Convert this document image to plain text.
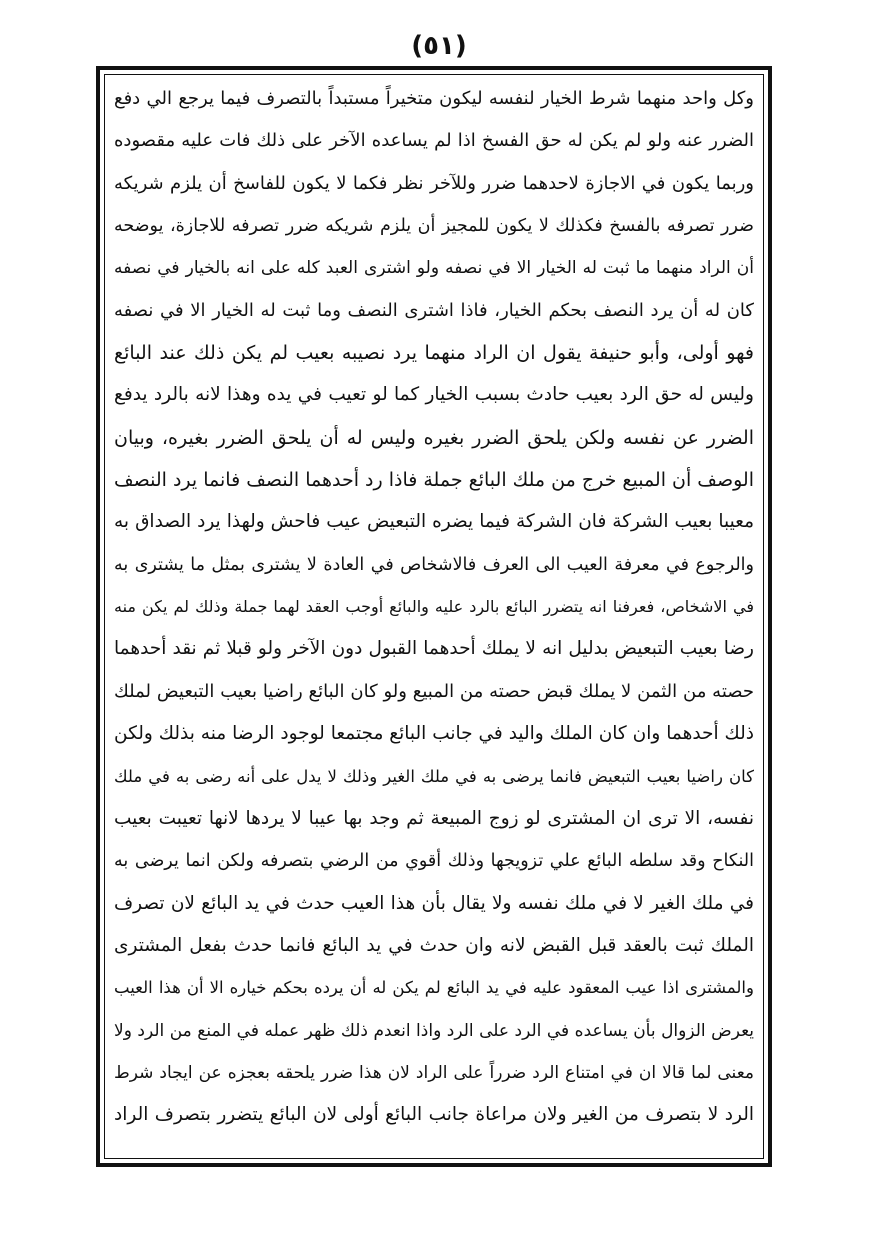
(٥١)
وكل واحد منهما شرط الخيار لنفسه ليكون متخيراً مستبداً بالتصرف فيما يرجع الي دفع
الضرر عنه ولو لم يكن له حق الفسخ اذا لم يساعده الآخر على ذلك فات عليه مقصوده
وربما يكون في الاجازة لاحدهما ضرر وللآخر نظر فكما لا يكون للفاسخ أن يلزم شريكه
ضرر تصرفه بالفسخ فكذلك لا يكون للمجيز أن يلزم شريكه ضرر تصرفه للاجازة، يوضحه
أن الراد منهما ما ثبت له الخيار الا في نصفه ولو اشترى العبد كله على انه بالخيار في نصفه
كان له أن يرد النصف بحكم الخيار، فاذا اشترى النصف وما ثبت له الخيار الا في نصفه
فهو أولى، وأبو حنيفة يقول ان الراد منهما يرد نصيبه بعيب لم يكن ذلك عند البائع
وليس له حق الرد بعيب حادث بسبب الخيار كما لو تعيب في يده وهذا لانه بالرد يدفع
الضرر عن نفسه ولكن يلحق الضرر بغيره وليس له أن يلحق الضرر بغيره، وبيان
الوصف أن المبيع خرج من ملك البائع جملة فاذا رد أحدهما النصف فانما يرد النصف
معيبا بعيب الشركة فان الشركة فيما يضره التبعيض عيب فاحش ولهذا يرد الصداق به
والرجوع في معرفة العيب الى العرف فالاشخاص في العادة لا يشترى بمثل ما يشترى به
في الاشخاص، فعرفنا انه يتضرر البائع بالرد عليه والبائع أوجب العقد لهما جملة وذلك لم يكن منه
رضا بعيب التبعيض بدليل انه لا يملك أحدهما القبول دون الآخر ولو قبلا ثم نقد أحدهما
حصته من الثمن لا يملك قبض حصته من المبيع ولو كان البائع راضيا بعيب التبعيض لملك
ذلك أحدهما وان كان الملك واليد في جانب البائع مجتمعا لوجود الرضا منه بذلك ولكن
كان راضيا بعيب التبعيض فانما يرضى به في ملك الغير وذلك لا يدل على أنه رضى به في ملك
نفسه، الا ترى ان المشترى لو زوج المبيعة ثم وجد بها عيبا لا يردها لانها تعيبت بعيب
النكاح وقد سلطه البائع علي تزويجها وذلك أقوي من الرضي بتصرفه ولكن انما يرضى به
في ملك الغير لا في ملك نفسه ولا يقال بأن هذا العيب حدث في يد البائع لان تصرف
الملك ثبت بالعقد قبل القبض لانه وان حدث في يد البائع فانما حدث بفعل المشترى
والمشترى اذا عيب المعقود عليه في يد البائع لم يكن له أن يرده بحكم خياره الا أن هذا العيب
يعرض الزوال بأن يساعده في الرد على الرد واذا انعدم ذلك ظهر عمله في المنع من الرد ولا
معنى لما قالا ان في امتناع الرد ضرراً على الراد لان هذا ضرر يلحقه بعجزه عن ايجاد شرط
الرد لا بتصرف من الغير ولان مراعاة جانب البائع أولى لان البائع يتضرر بتصرف الراد
